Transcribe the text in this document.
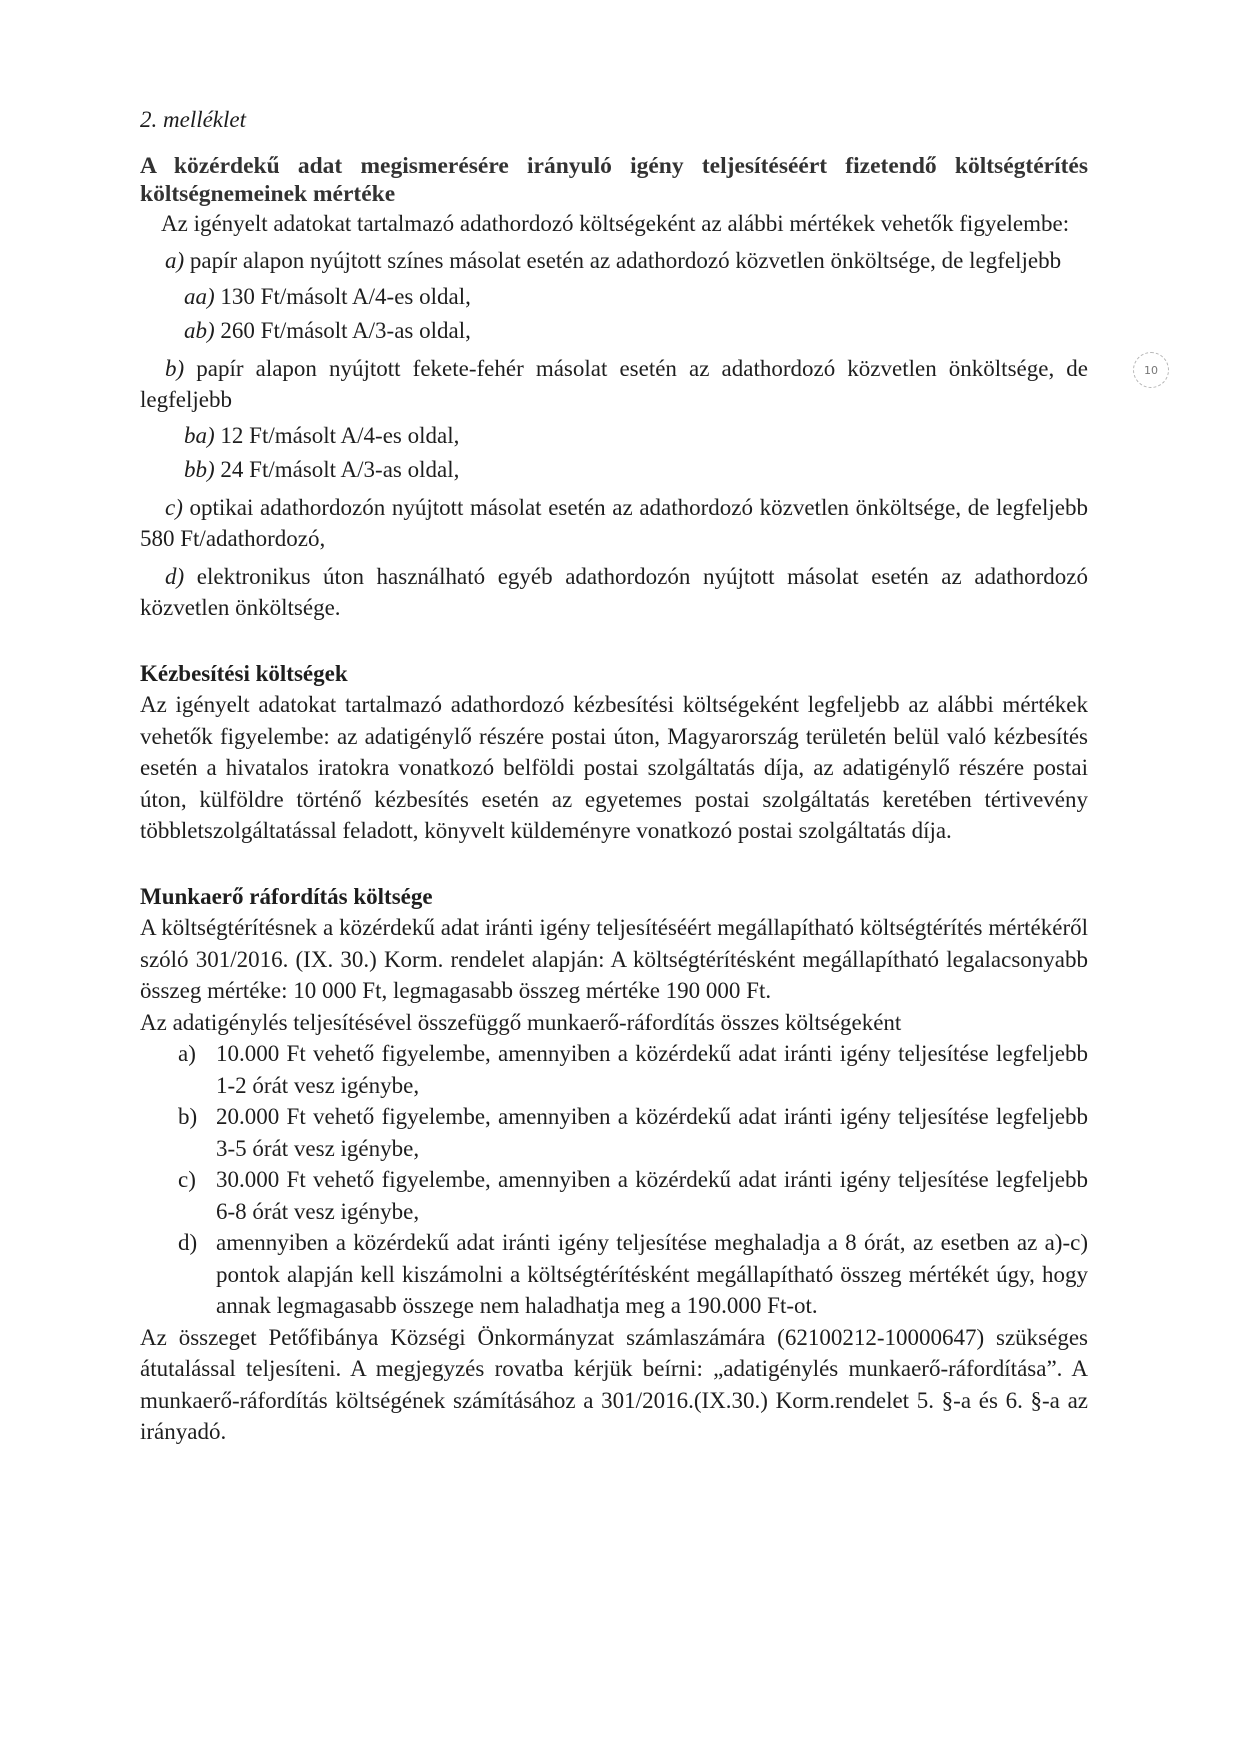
10

2. melléklet

A közérdekű adat megismerésére irányuló igény teljesítéséért fizetendő költségtérítés költségnemeinek mértéke

Az igényelt adatokat tartalmazó adathordozó költségeként az alábbi mértékek vehetők figyelembe:

a) papír alapon nyújtott színes másolat esetén az adathordozó közvetlen önköltsége, de legfeljebb

aa) 130 Ft/másolt A/4-es oldal,

ab) 260 Ft/másolt A/3-as oldal,

b) papír alapon nyújtott fekete-fehér másolat esetén az adathordozó közvetlen önköltsége, de legfeljebb

ba) 12 Ft/másolt A/4-es oldal,

bb) 24 Ft/másolt A/3-as oldal,

c) optikai adathordozón nyújtott másolat esetén az adathordozó közvetlen önköltsége, de legfeljebb 580 Ft/adathordozó,

d) elektronikus úton használható egyéb adathordozón nyújtott másolat esetén az adathordozó közvetlen önköltsége.

Kézbesítési költségek

Az igényelt adatokat tartalmazó adathordozó kézbesítési költségeként legfeljebb az alábbi mértékek vehetők figyelembe: az adatigénylő részére postai úton, Magyarország területén belül való kézbesítés esetén a hivatalos iratokra vonatkozó belföldi postai szolgáltatás díja, az adatigénylő részére postai úton, külföldre történő kézbesítés esetén az egyetemes postai szolgáltatás keretében tértivevény többletszolgáltatással feladott, könyvelt küldeményre vonatkozó postai szolgáltatás díja.

Munkaerő ráfordítás költsége

A költségtérítésnek a közérdekű adat iránti igény teljesítéséért megállapítható költségtérítés mértékéről szóló 301/2016. (IX. 30.) Korm. rendelet alapján: A költségtérítésként megállapítható legalacsonyabb összeg mértéke: 10 000 Ft, legmagasabb összeg mértéke 190 000 Ft.

Az adatigénylés teljesítésével összefüggő munkaerő-ráfordítás összes költségeként

a) 10.000 Ft vehető figyelembe, amennyiben a közérdekű adat iránti igény teljesítése legfeljebb 1-2 órát vesz igénybe,
b) 20.000 Ft vehető figyelembe, amennyiben a közérdekű adat iránti igény teljesítése legfeljebb 3-5 órát vesz igénybe,
c) 30.000 Ft vehető figyelembe, amennyiben a közérdekű adat iránti igény teljesítése legfeljebb 6-8 órát vesz igénybe,
d) amennyiben a közérdekű adat iránti igény teljesítése meghaladja a 8 órát, az esetben az a)-c) pontok alapján kell kiszámolni a költségtérítésként megállapítható összeg mértékét úgy, hogy annak legmagasabb összege nem haladhatja meg a 190.000 Ft-ot.

Az összeget Petőfibánya Községi Önkormányzat számlaszámára (62100212-10000647) szükséges átutalással teljesíteni. A megjegyzés rovatba kérjük beírni: „adatigénylés munkaerő-ráfordítása”. A munkaerő-ráfordítás költségének számításához a 301/2016.(IX.30.) Korm.rendelet 5. §-a és 6. §-a az irányadó.
